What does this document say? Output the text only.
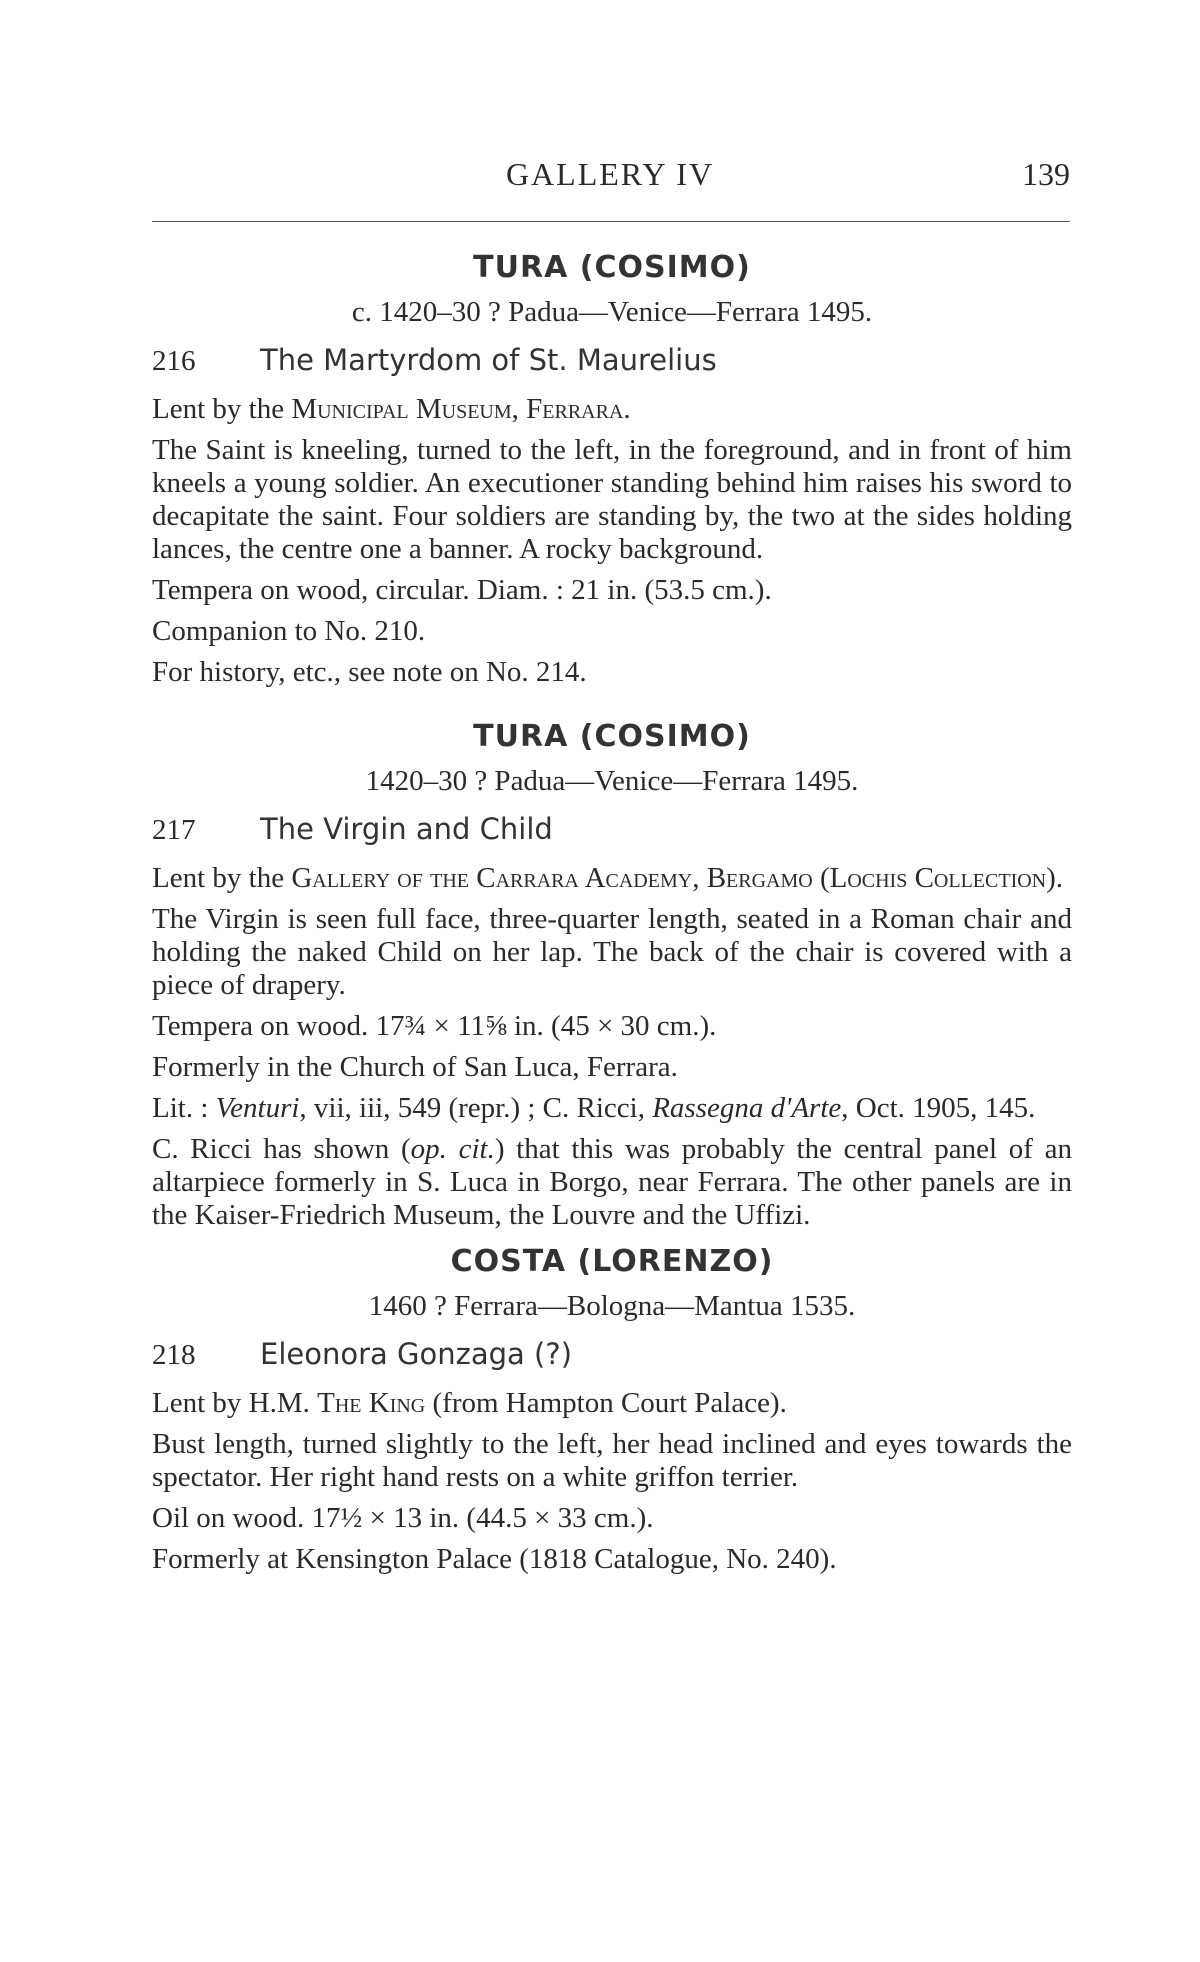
GALLERY IV	139
TURA (COSIMO)
c. 1420–30 ? Padua—Venice—Ferrara 1495.
216 The Martyrdom of St. Maurelius

Lent by the Municipal Museum, Ferrara.

The Saint is kneeling, turned to the left, in the foreground, and in front of him kneels a young soldier. An executioner standing behind him raises his sword to decapitate the saint. Four soldiers are standing by, the two at the sides holding lances, the centre one a banner. A rocky background.

Tempera on wood, circular. Diam. : 21 in. (53.5 cm.).

Companion to No. 210.

For history, etc., see note on No. 214.

TURA (COSIMO)
1420–30 ? Padua—Venice—Ferrara 1495.
217 The Virgin and Child

Lent by the Gallery of the Carrara Academy, Bergamo (Lochis Collection).

The Virgin is seen full face, three-quarter length, seated in a Roman chair and holding the naked Child on her lap. The back of the chair is covered with a piece of drapery.

Tempera on wood. 17¾ × 11⅝ in. (45 × 30 cm.).

Formerly in the Church of San Luca, Ferrara.

Lit. : Venturi, vii, iii, 549 (repr.) ; C. Ricci, Rassegna d'Arte, Oct. 1905, 145.

C. Ricci has shown (op. cit.) that this was probably the central panel of an altarpiece formerly in S. Luca in Borgo, near Ferrara. The other panels are in the Kaiser-Friedrich Museum, the Louvre and the Uffizi.

COSTA (LORENZO)
1460 ? Ferrara—Bologna—Mantua 1535.
218 Eleonora Gonzaga (?)

Lent by H.M. The King (from Hampton Court Palace).

Bust length, turned slightly to the left, her head inclined and eyes towards the spectator. Her right hand rests on a white griffon terrier.

Oil on wood. 17½ × 13 in. (44.5 × 33 cm.).

Formerly at Kensington Palace (1818 Catalogue, No. 240).
